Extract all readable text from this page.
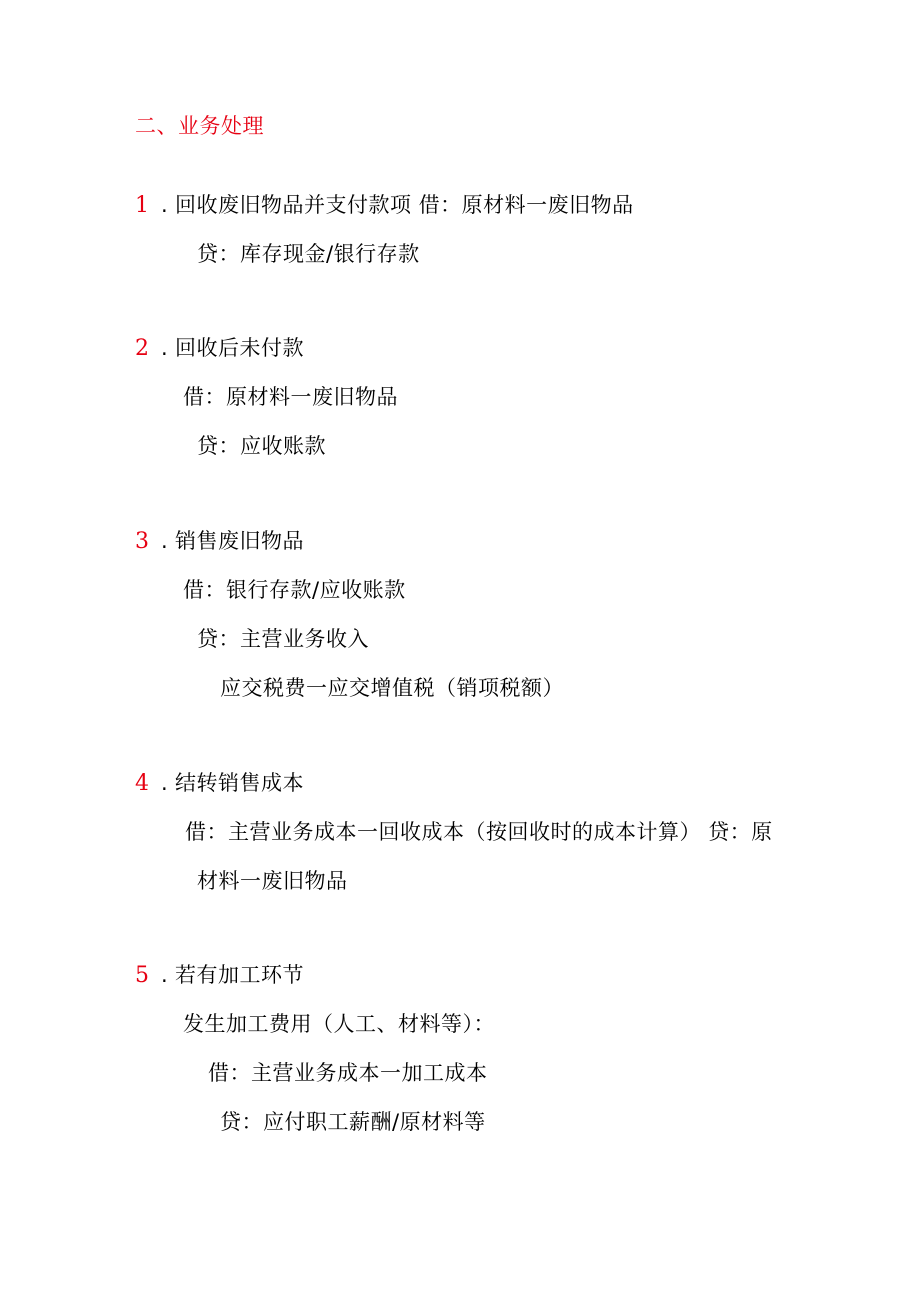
二、业务处理
1 . 回收废旧物品并支付款项 借：原材料一废旧物品
贷：库存现金/银行存款
2 . 回收后未付款
借：原材料一废旧物品
贷：应收账款
3 . 销售废旧物品
借：银行存款/应收账款
贷：主营业务收入
应交税费一应交增值税（销项税额）
4 . 结转销售成本
借：主营业务成本一回收成本（按回收时的成本计算） 贷：原
材料一废旧物品
5 . 若有加工环节
发生加工费用（人工、材料等）：
借：主营业务成本一加工成本
贷：应付职工薪酬/原材料等
